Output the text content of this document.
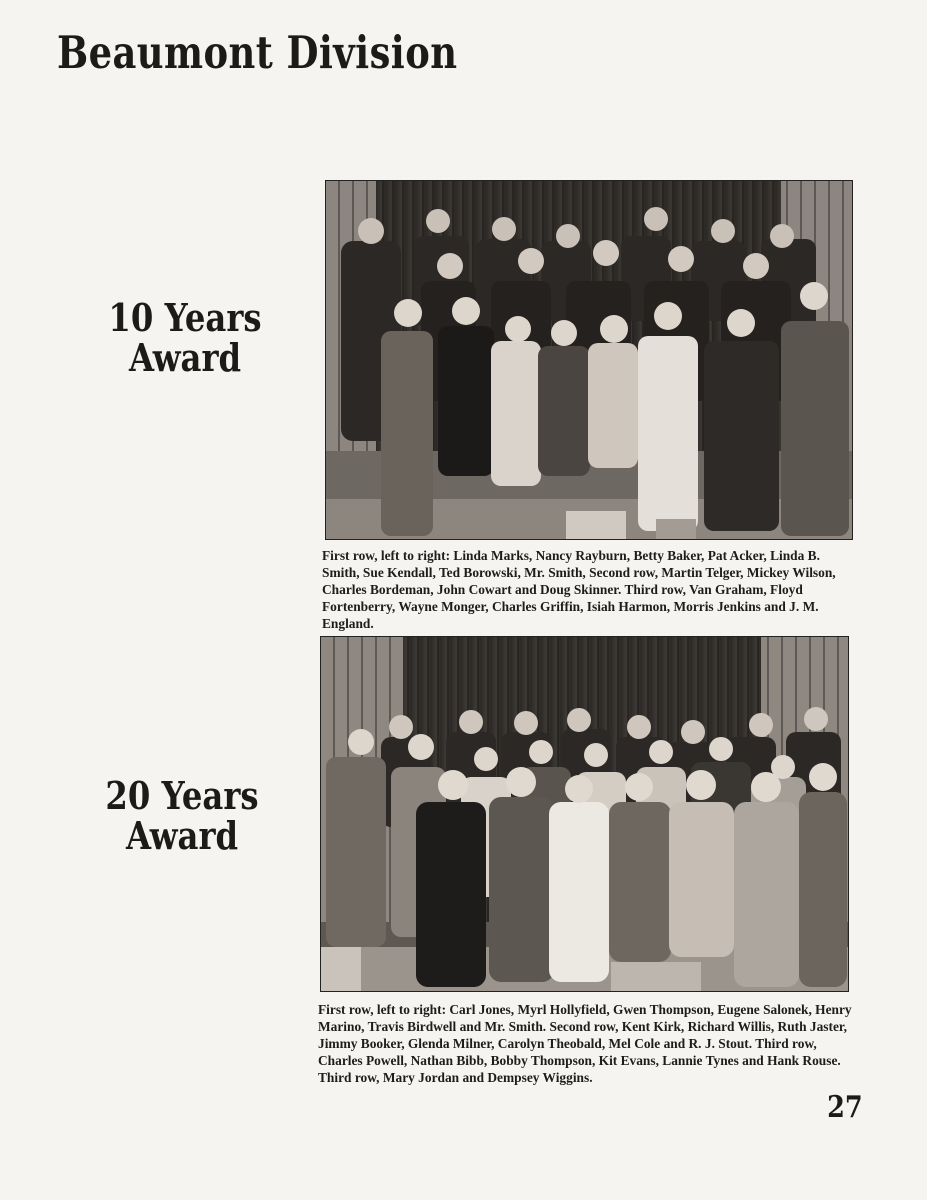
Beaumont Division
10 Years
Award

First row, left to right: Linda Marks, Nancy Rayburn, Betty Baker, Pat Acker, Linda B. Smith, Sue Kendall, Ted Borowski, Mr. Smith, Second row, Martin Telger, Mickey Wilson, Charles Bordeman, John Cowart and Doug Skinner. Third row, Van Graham, Floyd Fortenberry, Wayne Monger, Charles Griffin, Isiah Harmon, Morris Jenkins and J. M. England.

20 Years
Award

First row, left to right: Carl Jones, Myrl Hollyfield, Gwen Thompson, Eugene Salonek, Henry Marino, Travis Birdwell and Mr. Smith. Second row, Kent Kirk, Richard Willis, Ruth Jaster, Jimmy Booker, Glenda Milner, Carolyn Theobald, Mel Cole and R. J. Stout. Third row, Charles Powell, Nathan Bibb, Bobby Thompson, Kit Evans, Lannie Tynes and Hank Rouse. Third row, Mary Jordan and Dempsey Wiggins.

27
